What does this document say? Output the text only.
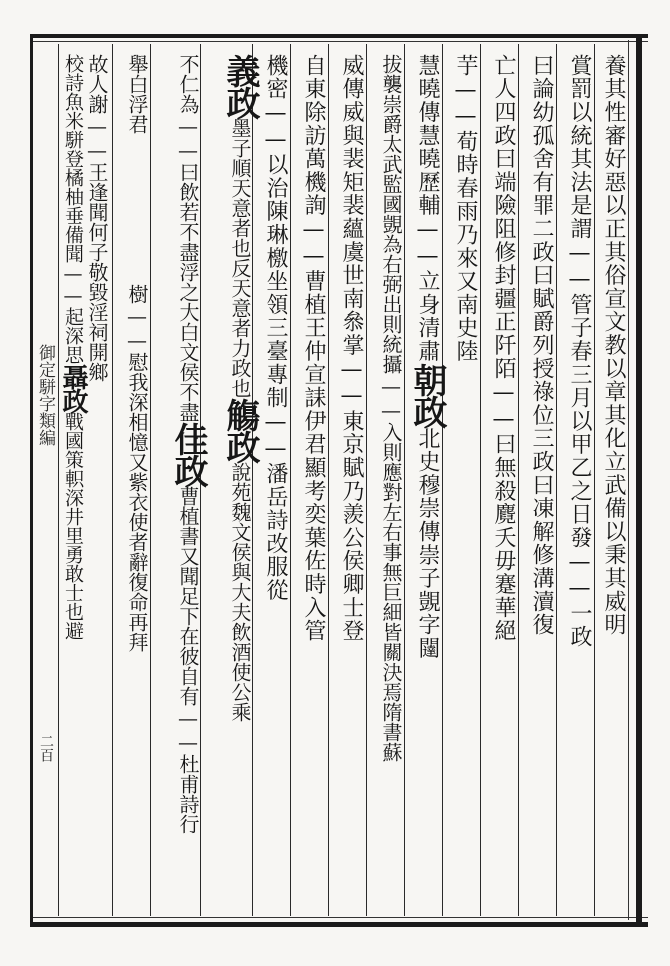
御定駢字類編
二百
養其性審好惡以正其俗宣文教以章其化立武備以秉其威明
賞罰以統其法是謂——管子春三月以甲乙之日發——一政
曰論幼孤舍有罪二政曰賦爵列授祿位三政曰凍解修溝瀆復
亡人四政曰端險阻修封疆正阡陌——曰無殺麑夭毋蹇華絕
芋——荀時春雨乃來又南史陸
慧曉傳慧曉歷輔——立身清肅朝政北史穆崇傳崇子覬字闥
拔襲崇爵太武監國覬為右弼出則統攝——入則應對左右事無巨細皆關決焉隋書蘇
威傳威與裴矩裴蘊虞世南叅掌——東京賦乃羨公侯卿士登
自東除訪萬機詢——曹植王仲宣誄伊君顯考奕葉佐時入管
機密——以治陳琳檄坐領三臺專制——潘岳詩改服從
義政墨子順天意者也反天意者力政也觴政說苑魏文侯與大夫飲酒使公乘
不仁為——曰飲若不盡浮之大白文侯不盡佳政曹植書又聞足下在彼自有——杜甫詩行
舉白浮君樹——慰我深相憶又紫衣使者辭復命再拜
故人謝——王逢聞何子敬毀淫祠開鄉
校詩魚米駢登橘柚垂備聞——起深思聶政戰國策軹深井里勇敢士也避
